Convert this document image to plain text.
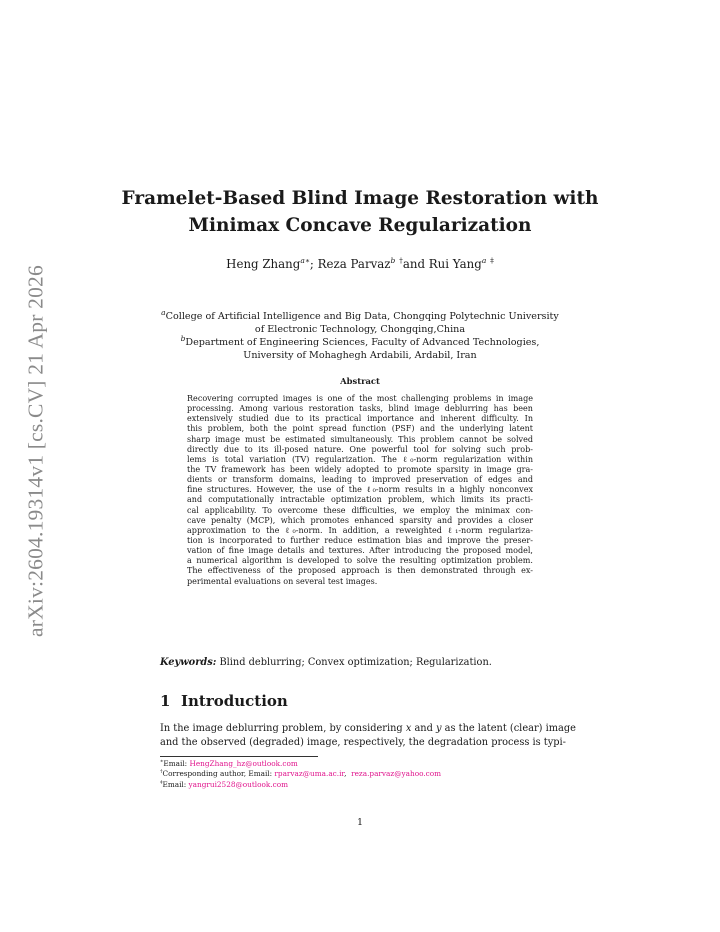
arXiv:2604.19314v1 [cs.CV] 21 Apr 2026
Framelet-Based Blind Image Restoration with
Minimax Concave Regularization
Heng Zhang$^{a∗}$; Reza Parvaz$^b$ †and Rui Yang$^a$ ‡
$^a$College of Artificial Intelligence and Big Data, Chongqing Polytechnic University
of Electronic Technology, Chongqing,China
$^b$Department of Engineering Sciences, Faculty of Advanced Technologies,
University of Mohaghegh Ardabili, Ardabil, Iran
Abstract
Recovering corrupted images is one of the most challenging problems in image
processing. Among various restoration tasks, blind image deblurring has been
extensively studied due to its practical importance and inherent difficulty. In
this problem, both the point spread function (PSF) and the underlying latent
sharp image must be estimated simultaneously. This problem cannot be solved
directly due to its ill-posed nature. One powerful tool for solving such prob-
lems is total variation (TV) regularization. The ℓ₀-norm regularization within
the TV framework has been widely adopted to promote sparsity in image gra-
dients or transform domains, leading to improved preservation of edges and
fine structures. However, the use of the ℓ₀-norm results in a highly nonconvex
and computationally intractable optimization problem, which limits its practi-
cal applicability. To overcome these difficulties, we employ the minimax con-
cave penalty (MCP), which promotes enhanced sparsity and provides a closer
approximation to the ℓ₀-norm. In addition, a reweighted ℓ₁-norm regulariza-
tion is incorporated to further reduce estimation bias and improve the preser-
vation of fine image details and textures. After introducing the proposed model,
a numerical algorithm is developed to solve the resulting optimization problem.
The effectiveness of the proposed approach is then demonstrated through ex-
perimental evaluations on several test images.
Keywords: Blind deblurring; Convex optimization; Regularization.
1 Introduction
In the image deblurring problem, by considering x and y as the latent (clear) image
and the observed (degraded) image, respectively, the degradation process is typi-
∗Email: HengZhang_hz@outlook.com
†Corresponding author, Email: rparvaz@uma.ac.ir,  reza.parvaz@yahoo.com
‡Email: yangrui2528@outlook.com
1
